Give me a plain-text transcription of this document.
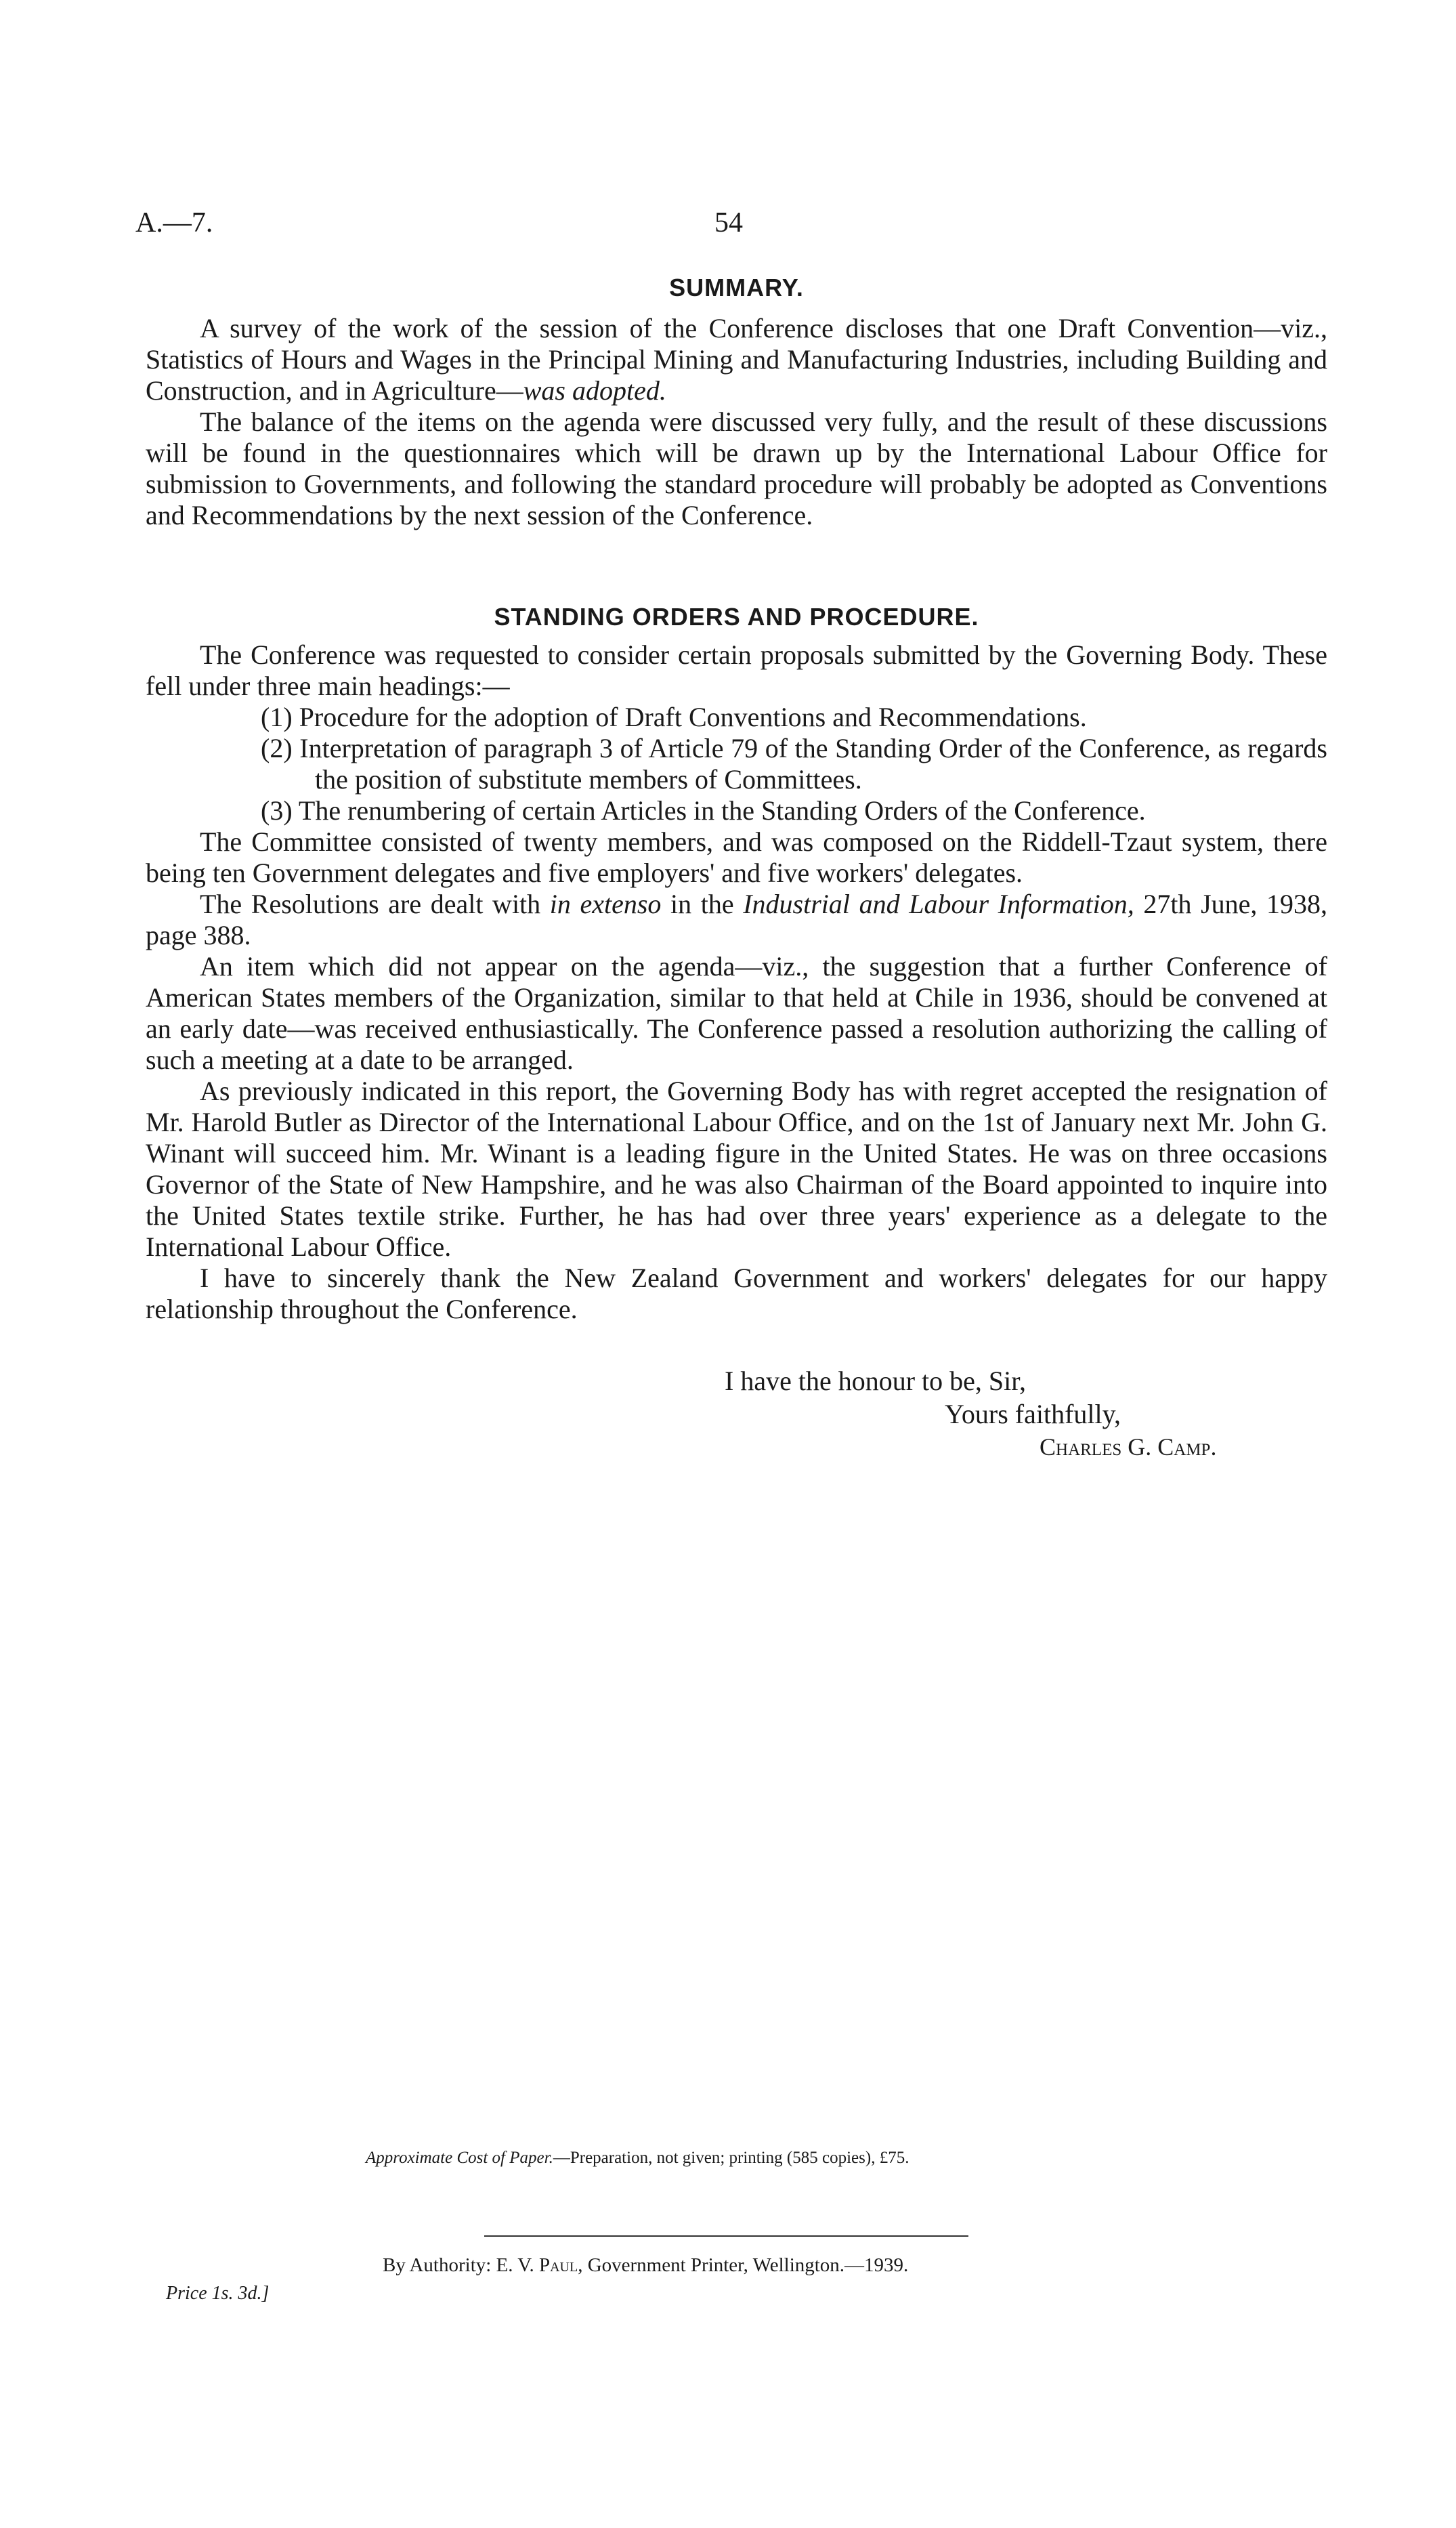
A.—7.	54
SUMMARY.

A survey of the work of the session of the Conference discloses that one Draft Convention—viz., Statistics of Hours and Wages in the Principal Mining and Manufacturing Industries, including Building and Construction, and in Agriculture—was adopted.

The balance of the items on the agenda were discussed very fully, and the result of these discussions will be found in the questionnaires which will be drawn up by the International Labour Office for submission to Governments, and following the standard procedure will probably be adopted as Conventions and Recommendations by the next session of the Conference.

STANDING ORDERS AND PROCEDURE.

The Conference was requested to consider certain proposals submitted by the Governing Body. These fell under three main headings:—

(1) Procedure for the adoption of Draft Conventions and Recommendations.
(2) Interpretation of paragraph 3 of Article 79 of the Standing Order of the Conference, as regards the position of substitute members of Committees.
(3) The renumbering of certain Articles in the Standing Orders of the Conference.

The Committee consisted of twenty members, and was composed on the Riddell-Tzaut system, there being ten Government delegates and five employers' and five workers' delegates.

The Resolutions are dealt with in extenso in the Industrial and Labour Information, 27th June, 1938, page 388.

An item which did not appear on the agenda—viz., the suggestion that a further Conference of American States members of the Organization, similar to that held at Chile in 1936, should be convened at an early date—was received enthusiastically. The Conference passed a resolution authorizing the calling of such a meeting at a date to be arranged.

As previously indicated in this report, the Governing Body has with regret accepted the resignation of Mr. Harold Butler as Director of the International Labour Office, and on the 1st of January next Mr. John G. Winant will succeed him. Mr. Winant is a leading figure in the United States. He was on three occasions Governor of the State of New Hampshire, and he was also Chairman of the Board appointed to inquire into the United States textile strike. Further, he has had over three years' experience as a delegate to the International Labour Office.

I have to sincerely thank the New Zealand Government and workers' delegates for our happy relationship throughout the Conference.

I have the honour to be, Sir,
Yours faithfully,
Charles G. Camp.
Approximate Cost of Paper.—Preparation, not given; printing (585 copies), £75.
By Authority: E. V. Paul, Government Printer, Wellington.—1939.
Price 1s. 3d.]
